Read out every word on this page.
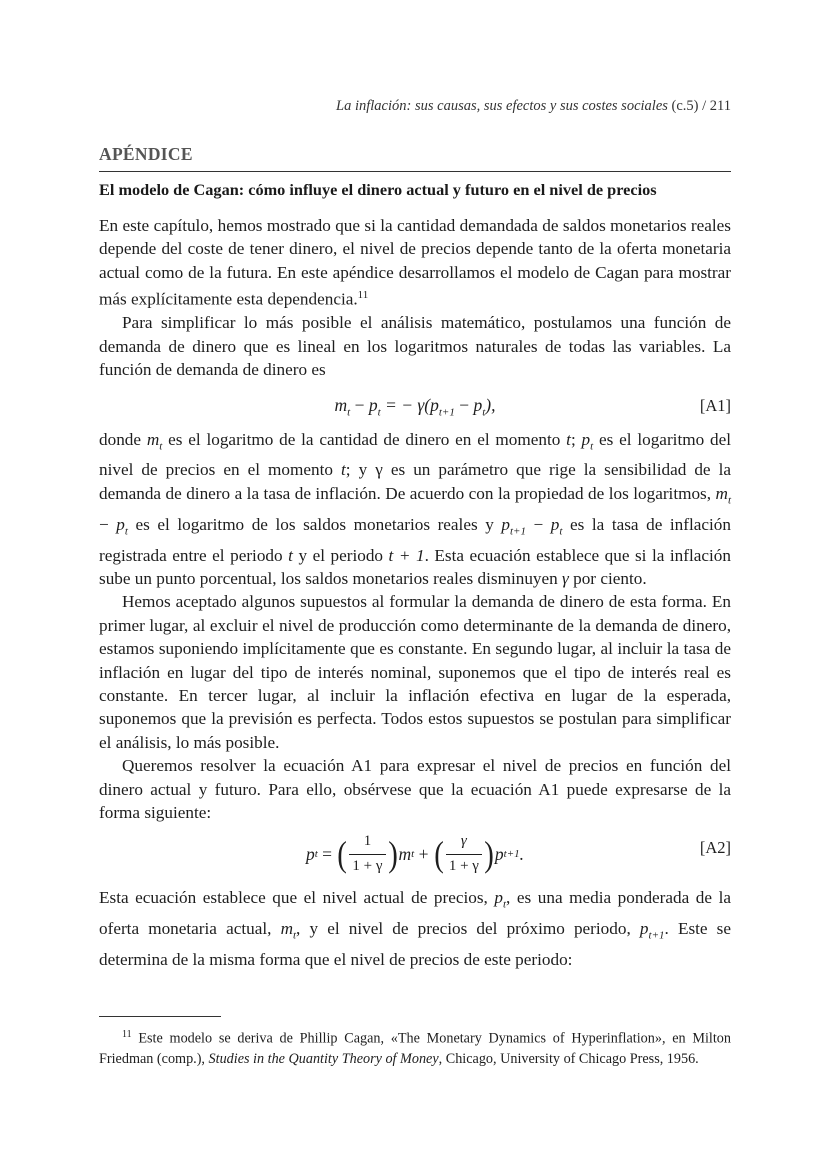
La inflación: sus causas, sus efectos y sus costes sociales (c.5) / 211
APÉNDICE
El modelo de Cagan: cómo influye el dinero actual y futuro en el nivel de precios

En este capítulo, hemos mostrado que si la cantidad demandada de saldos monetarios reales depende del coste de tener dinero, el nivel de precios depende tanto de la oferta monetaria actual como de la futura. En este apéndice desarrollamos el modelo de Cagan para mostrar más explícitamente esta dependencia.$^{11}$

Para simplificar lo más posible el análisis matemático, postulamos una función de demanda de dinero que es lineal en los logaritmos naturales de todas las variables. La función de demanda de dinero es

$m_t - p_t$ = − $\gamma(p_{t+1} - p_t)$,	[A1]

donde $m_t$ es el logaritmo de la cantidad de dinero en el momento t; $p_t$ es el logaritmo del nivel de precios en el momento t; y γ es un parámetro que rige la sensibilidad de la demanda de dinero a la tasa de inflación. De acuerdo con la propiedad de los logaritmos, $m_t - p_t$ es el logaritmo de los saldos monetarios reales y $p_{t+1} - p_t$ es la tasa de inflación registrada entre el periodo t y el periodo t + 1. Esta ecuación establece que si la inflación sube un punto porcentual, los saldos monetarios reales disminuyen γ por ciento.

Hemos aceptado algunos supuestos al formular la demanda de dinero de esta forma. En primer lugar, al excluir el nivel de producción como determinante de la demanda de dinero, estamos suponiendo implícitamente que es constante. En segundo lugar, al incluir la tasa de inflación en lugar del tipo de interés nominal, suponemos que el tipo de interés real es constante. En tercer lugar, al incluir la inflación efectiva en lugar de la esperada, suponemos que la previsión es perfecta. Todos estos supuestos se postulan para simplificar el análisis, lo más posible.

Queremos resolver la ecuación A1 para expresar el nivel de precios en función del dinero actual y futuro. Para ello, obsérvese que la ecuación A1 puede expresarse de la forma siguiente:

p t = ( $\frac{1}{1 + \gamma}$ ) m t + ( $\frac{\gamma}{1 + \gamma}$ ) p t+1 .	[A2]

Esta ecuación establece que el nivel actual de precios, $p_t$, es una media ponderada de la oferta monetaria actual, $m_t$, y el nivel de precios del próximo periodo, $p_{t+1}$. Este se determina de la misma forma que el nivel de precios de este periodo:

$^{11}$ Este modelo se deriva de Phillip Cagan, «The Monetary Dynamics of Hyperinflation», en Milton Friedman (comp.), Studies in the Quantity Theory of Money, Chicago, University of Chicago Press, 1956.
